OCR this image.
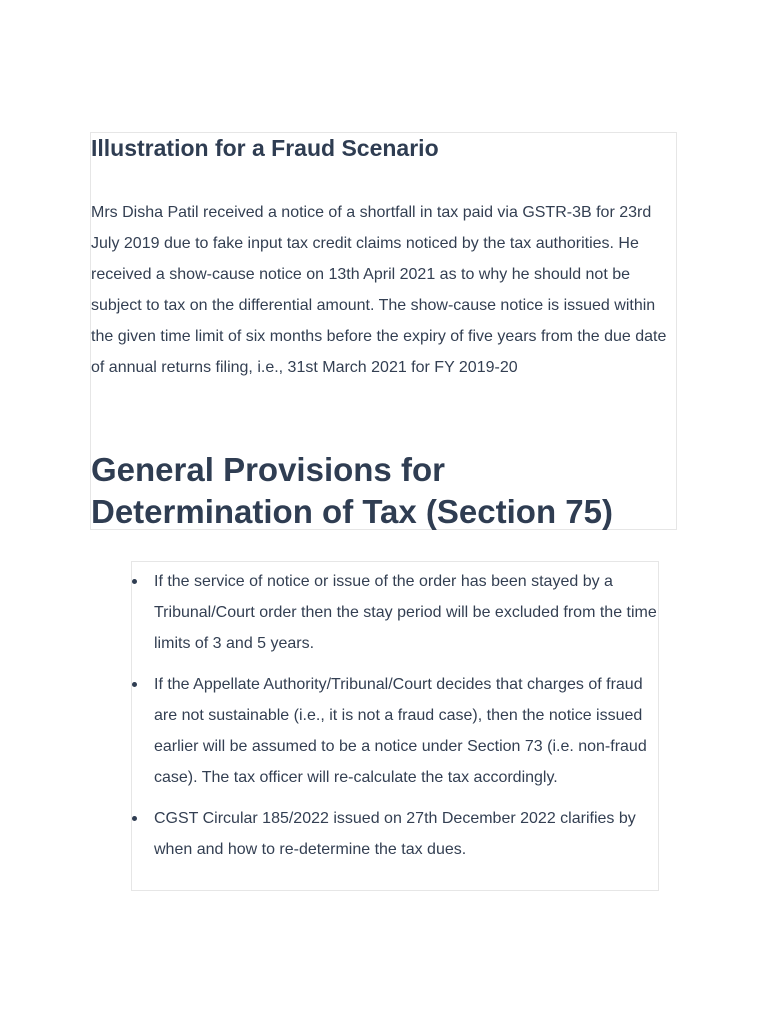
Illustration for a Fraud Scenario

Mrs Disha Patil received a notice of a shortfall in tax paid via GSTR-3B for 23rd July 2019 due to fake input tax credit claims noticed by the tax authorities. He received a show-cause notice on 13th April 2021 as to why he should not be subject to tax on the differential amount. The show-cause notice is issued within the given time limit of six months before the expiry of five years from the due date of annual returns filing, i.e., 31st March 2021 for FY 2019-20

General Provisions for Determination of Tax (Section 75)
If the service of notice or issue of the order has been stayed by a Tribunal/Court order then the stay period will be excluded from the time limits of 3 and 5 years.
If the Appellate Authority/Tribunal/Court decides that charges of fraud are not sustainable (i.e., it is not a fraud case), then the notice issued earlier will be assumed to be a notice under Section 73 (i.e. non-fraud case). The tax officer will re-calculate the tax accordingly.
CGST Circular 185/2022 issued on 27th December 2022 clarifies by when and how to re-determine the tax dues.
